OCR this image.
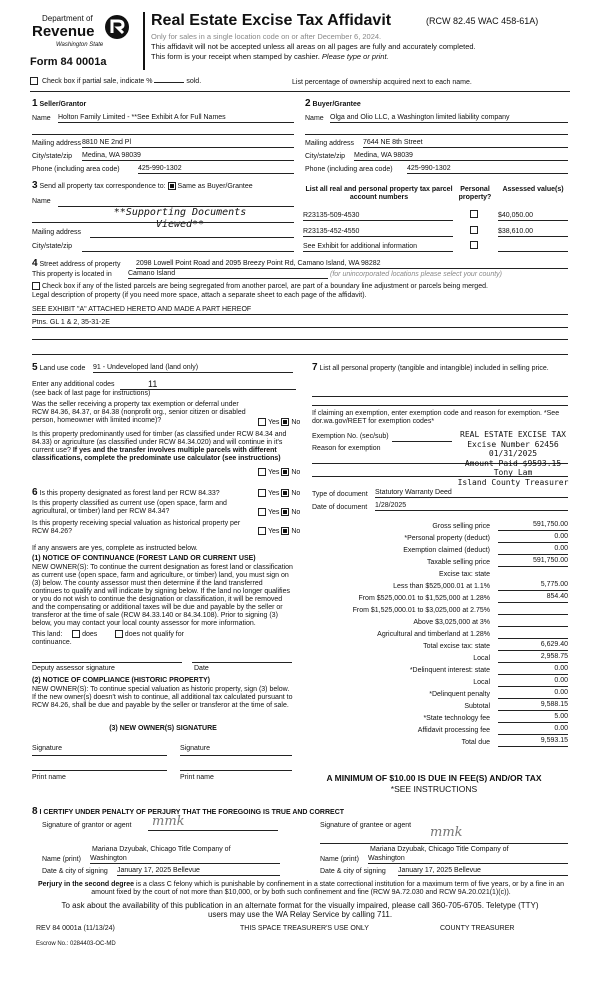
Department of
Revenue
Washington State
Form 84 0001a
Real Estate Excise Tax Affidavit	(RCW 82.45 WAC 458-61A)
Only for sales in a single location code on or after December 6, 2024.
This affidavit will not be accepted unless all areas on all pages are fully and accurately completed.
This form is your receipt when stamped by cashier. Please type or print.
Check box if partial sale, indicate %	sold.	List percentage of ownership acquired next to each name.
1 Seller/Grantor
Name Holton Family Limited - **See Exhibit A for Full Names
Mailing address 8810 NE 2nd Pl
City/state/zip Medina, WA 98039
Phone (including area code)	425-990-1302
2 Buyer/Grantee
Name Olga and Olio LLC, a Washington limited liability company
Mailing address 7644 NE 8th Street
City/state/zip Medina, WA 98039
Phone (including area code) 425-990-1302
3 Send all property tax correspondence to: Same as Buyer/Grantee
Name
**Supporting Documents Viewed**
Mailing address
City/state/zip
List all real and personal property tax parcel account numbers
Personal property?
Assessed value(s)
R23135-509-4530	$40,050.00
R23135-452-4550	$38,610.00
See Exhibit for additional information
4 Street address of property 2098 Lowell Point Road and 2095 Breezy Point Rd, Camano Island, WA 98282
This property is located in Camano Island	(for unincorporated locations please select your county)
Check box if any of the listed parcels are being segregated from another parcel, are part of a boundary line adjustment or parcels being merged.
Legal description of property (if you need more space, attach a separate sheet to each page of the affidavit).
SEE EXHIBIT "A" ATTACHED HERETO AND MADE A PART HEREOF
Ptns. GL 1 & 2, 35-31-2E
5 Land use code 91 - Undeveloped land (land only)
Enter any additional codes	11
(see back of last page for instructions)
Was the seller receiving a property tax exemption or deferral under RCW 84.36, 84.37, or 84.38 (nonprofit org., senior citizen or disabled person, homeowner with limited income)?	Yes No
Is this property predominantly used for timber (as classified under RCW 84.34 and 84.33) or agriculture (as classified under RCW 84.34.020) and will continue in it's current use? If yes and the transfer involves multiple parcels with different classifications, complete the predominate use calculator (see instructions)
Yes No
7 List all personal property (tangible and intangible) included in selling price.
If claiming an exemption, enter exemption code and reason for exemption. *See dor.wa.gov/REET for exemption codes*
Exemption No. (sec/sub)
Reason for exemption
REAL ESTATE EXCISE TAX
Excise Number 62456
01/31/2025
Amount Paid $9593.15
Tony Lam
Island County Treasurer
6 Is this property designated as forest land per RCW 84.33?	Yes No
Is this property classified as current use (open space, farm and agricultural, or timber) land per RCW 84.34?	Yes No
Is this property receiving special valuation as historical property per RCW 84.26?	Yes No
If any answers are yes, complete as instructed below.
(1) NOTICE OF CONTINUANCE (FOREST LAND OR CURRENT USE)
NEW OWNER(S): To continue the current designation as forest land or classification as current use (open space, farm and agriculture, or timber) land, you must sign on (3) below. The county assessor must then determine if the land transferred continues to qualify and will indicate by signing below. If the land no longer qualifies or you do not wish to continue the designation or classification, it will be removed and the compensating or additional taxes will be due and payable by the seller or transferor at the time of sale (RCW 84.33.140 or 84.34.108). Prior to signing (3) below, you may contact your local county assessor for more information.
This land:	does	does not qualify for
continuance.
Deputy assessor signature	Date
(2) NOTICE OF COMPLIANCE (HISTORIC PROPERTY)
NEW OWNER(S): To continue special valuation as historic property, sign (3) below. If the new owner(s) doesn't wish to continue, all additional tax calculated pursuant to RCW 84.26, shall be due and payable by the seller or transferor at the time of sale.
(3) NEW OWNER(S) SIGNATURE
Signature	Signature
Print name	Print name
Type of document Statutory Warranty Deed
Date of document 1/28/2025
Gross selling price	591,750.00
*Personal property (deduct)	0.00
Exemption claimed (deduct)	0.00
Taxable selling price	591,750.00
Excise tax: state
Less than $525,000.01 at 1.1%	5,775.00
From $525,000.01 to $1,525,000 at 1.28%	854.40
From $1,525,000.01 to $3,025,000 at 2.75%
Above $3,025,000 at 3%
Agricultural and timberland at 1.28%
Total excise tax: state	6,629.40
Local	2,958.75
*Delinquent interest: state	0.00
Local	0.00
*Delinquent penalty	0.00
Subtotal	9,588.15
*State technology fee	5.00
Affidavit processing fee	0.00
Total due	9,593.15
A MINIMUM OF $10.00 IS DUE IN FEE(S) AND/OR TAX
*SEE INSTRUCTIONS
8 I CERTIFY UNDER PENALTY OF PERJURY THAT THE FOREGOING IS TRUE AND CORRECT
Signature of grantor or agent mmk	Signature of grantee or agent mmk
Mariana Dzyubak, Chicago Title Company of
Name (print) Washington
Date & city of signing January 17, 2025 Bellevue
Mariana Dzyubak, Chicago Title Company of
Name (print) Washington
Date & city of signing January 17, 2025 Bellevue
Perjury in the second degree is a class C felony which is punishable by confinement in a state correctional institution for a maximum term of five years, or by a fine in an amount fixed by the court of not more than $10,000, or by both such confinement and fine (RCW 9A.72.030 and RCW 9A.20.021(1)(c)).
To ask about the availability of this publication in an alternate format for the visually impaired, please call 360-705-6705. Teletype (TTY) users may use the WA Relay Service by calling 711.
REV 84 0001a (11/13/24)	THIS SPACE TREASURER'S USE ONLY	COUNTY TREASURER
Escrow No.: 0284403-OC-MD
